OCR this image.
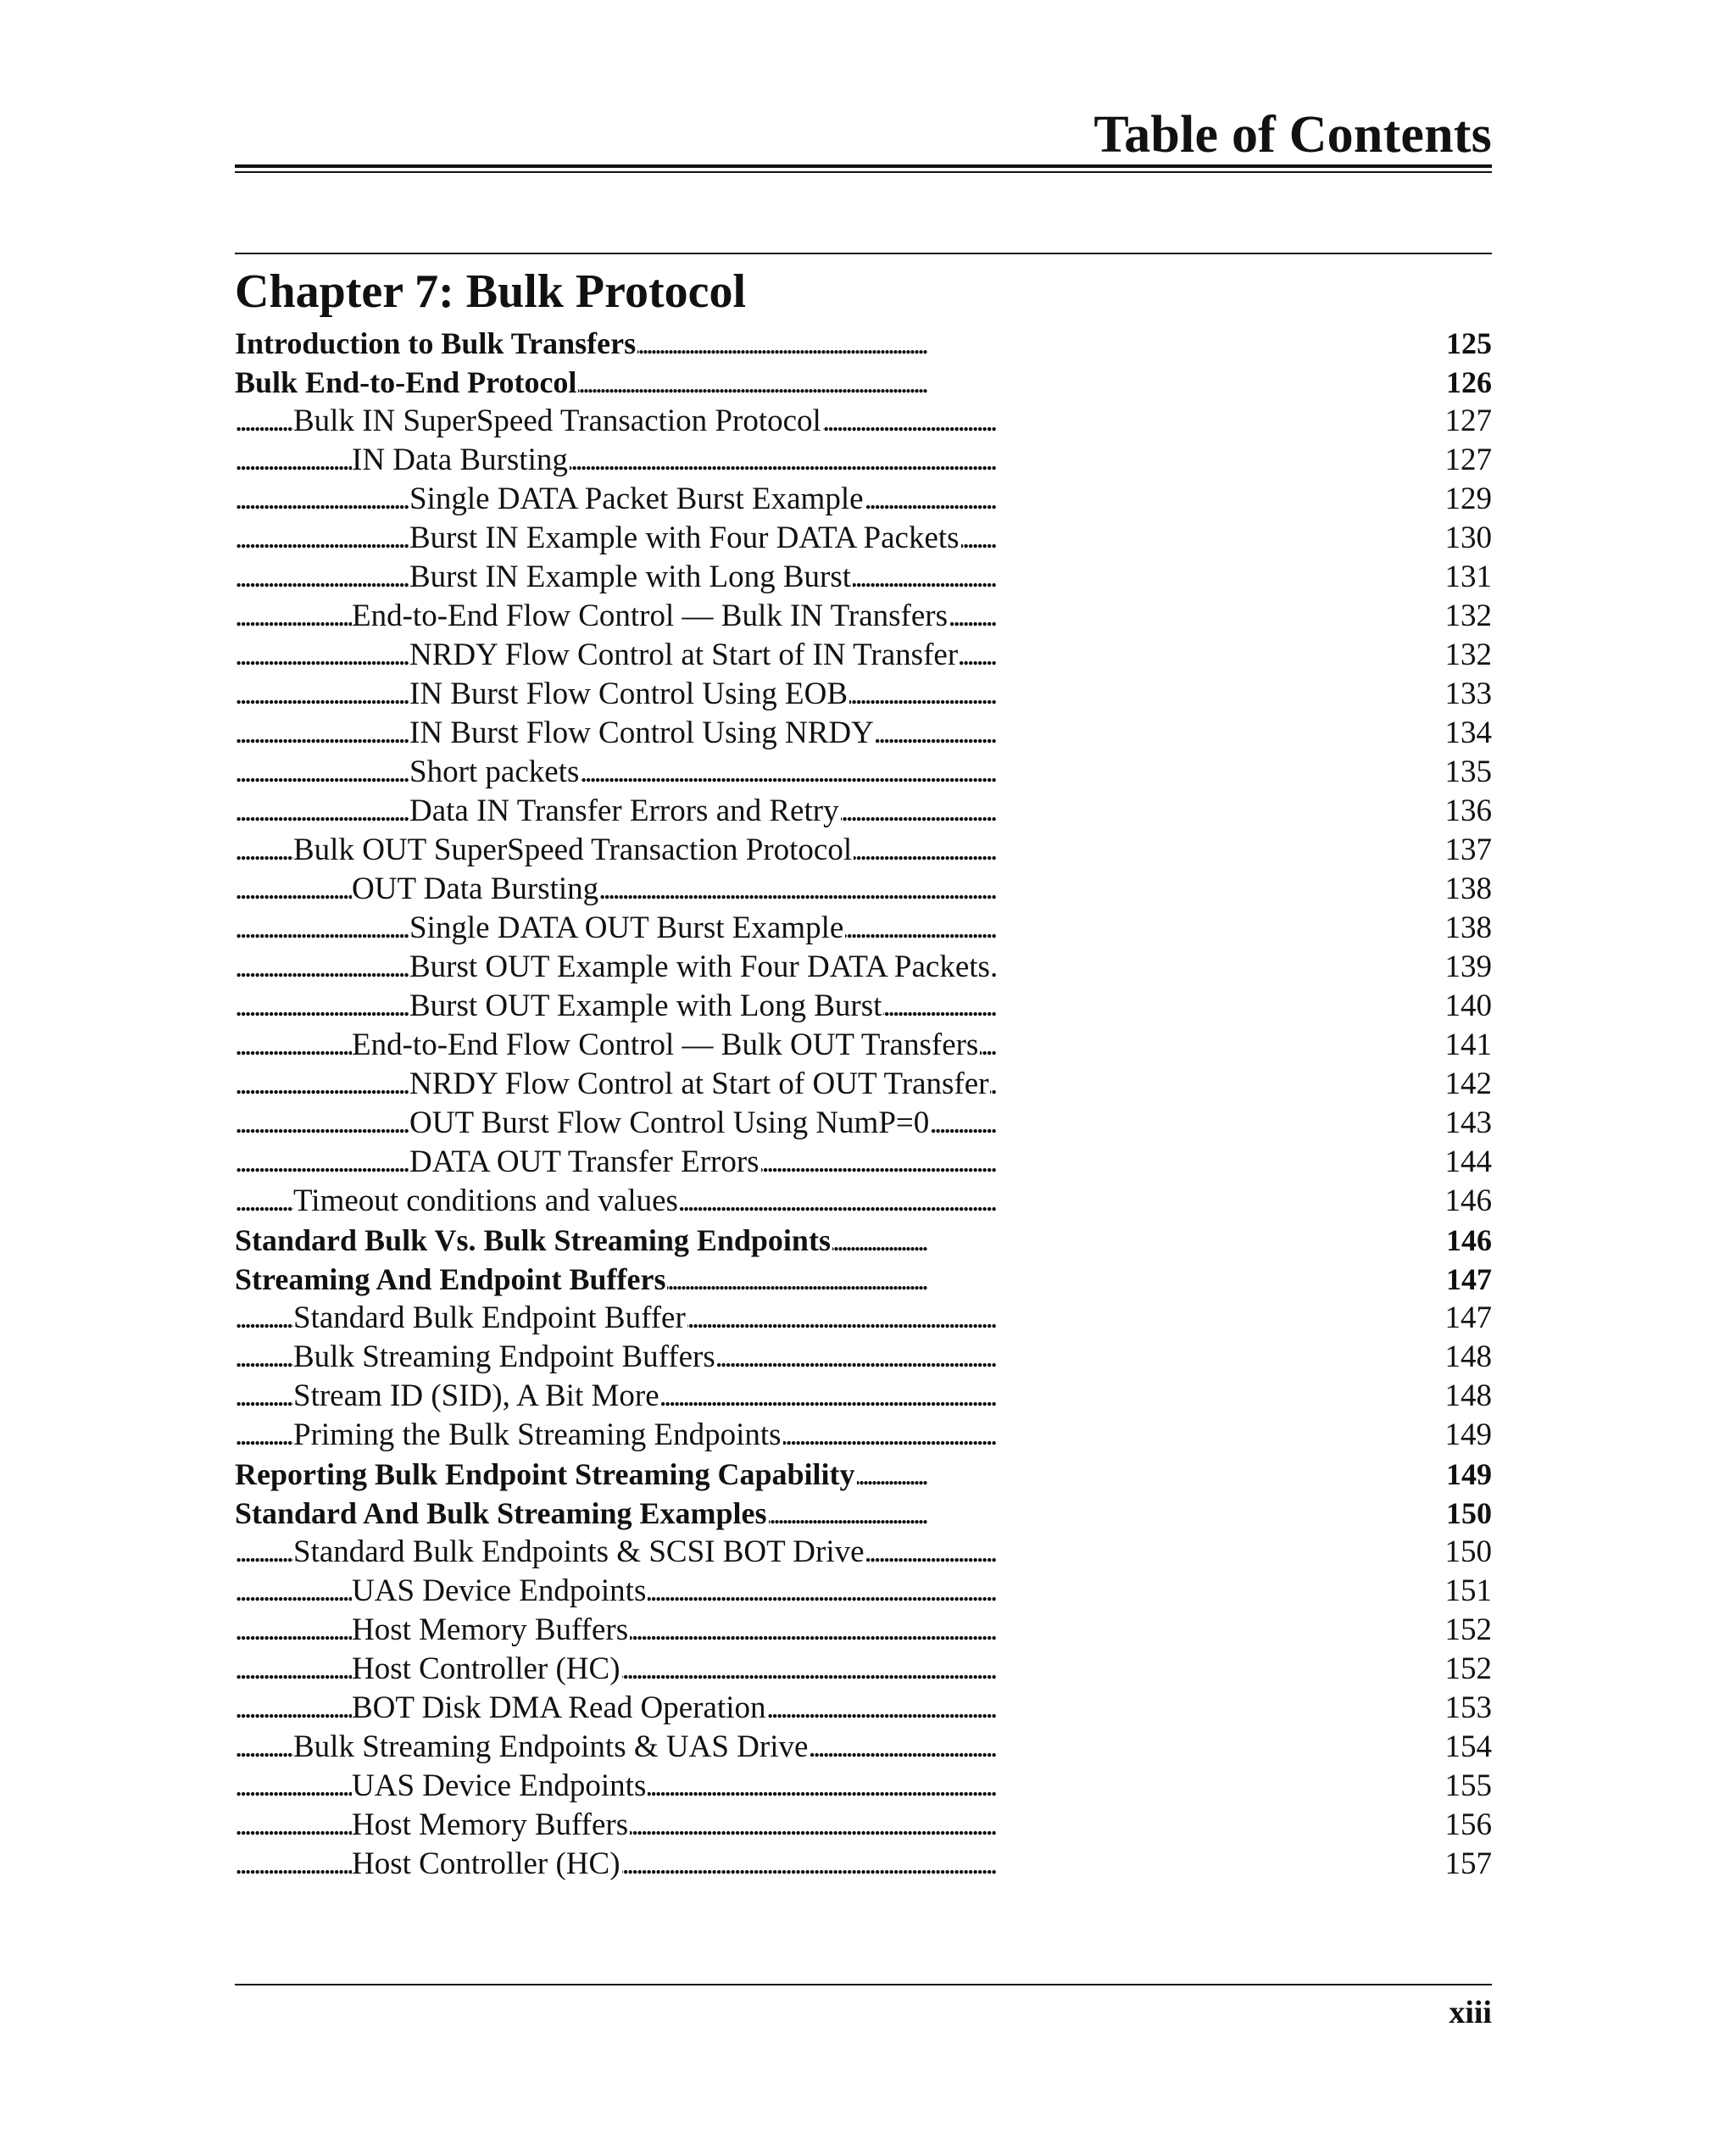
Table of Contents
Chapter 7: Bulk Protocol
. . . Introduction to Bulk Transfers	125
. . . Bulk End-to-End Protocol	126
. . . Bulk IN SuperSpeed Transaction Protocol	127
. . . IN Data Bursting	127
. . . Single DATA Packet Burst Example	129
. . . Burst IN Example with Four DATA Packets	130
. . . Burst IN Example with Long Burst	131
. . . End-to-End Flow Control — Bulk IN Transfers	132
. . . NRDY Flow Control at Start of IN Transfer	132
. . . IN Burst Flow Control Using EOB	133
. . . IN Burst Flow Control Using NRDY	134
. . . Short packets	135
. . . Data IN Transfer Errors and Retry	136
. . . Bulk OUT SuperSpeed Transaction Protocol	137
. . . OUT Data Bursting	138
. . . Single DATA OUT Burst Example	138
. . . Burst OUT Example with Four DATA Packets	139
. . . Burst OUT Example with Long Burst	140
. . . End-to-End Flow Control — Bulk OUT Transfers	141
. . . NRDY Flow Control at Start of OUT Transfer	142
. . . OUT Burst Flow Control Using NumP=0	143
. . . DATA OUT Transfer Errors	144
. . . Timeout conditions and values	146
. . . Standard Bulk Vs. Bulk Streaming Endpoints	146
. . . Streaming And Endpoint Buffers	147
. . . Standard Bulk Endpoint Buffer	147
. . . Bulk Streaming Endpoint Buffers	148
. . . Stream ID (SID), A Bit More	148
. . . Priming the Bulk Streaming Endpoints	149
. . . Reporting Bulk Endpoint Streaming Capability	149
. . . Standard And Bulk Streaming Examples	150
. . . Standard Bulk Endpoints & SCSI BOT Drive	150
. . . UAS Device Endpoints	151
. . . Host Memory Buffers	152
. . . Host Controller (HC)	152
. . . BOT Disk DMA Read Operation	153
. . . Bulk Streaming Endpoints & UAS Drive	154
. . . UAS Device Endpoints	155
. . . Host Memory Buffers	156
. . . Host Controller (HC)	157

xiii
